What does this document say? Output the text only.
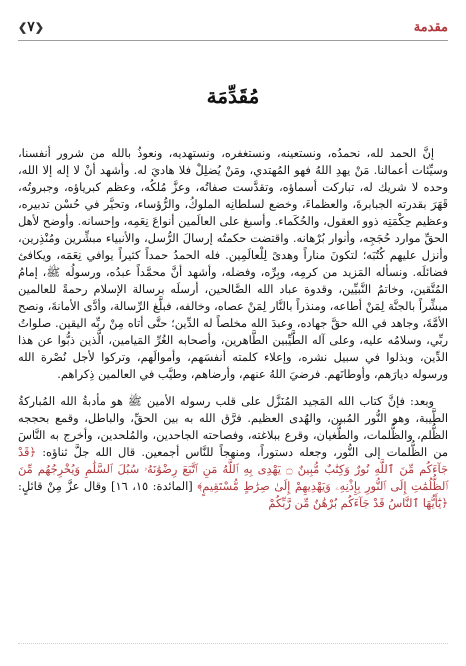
مقدمة
❮۷❯
مُقَدِّمَة

إنَّ الحمد لله، نحمدُه، ونستعينه، ونستغفره، ونستهديه، ونعوذُ بالله من شرور أنفسنا، وسيِّئات أعمالنا. مَنْ يهدِ اللهُ فهو المُهتدي، ومَنْ يُضلِلْ فلا هاديَ له. وأشهد أنْ لا إله إلا الله، وحده لا شريك له، تباركت أسماؤه، وتقدَّست صفاتُه، وعزَّ مُلكُه، وعظم كبرياؤه، وجبروتُه، قَهَرَ بقدرته الجبابرةَ، والعظماءَ، وخضع لسلطانِه الملوكُ، والرُّؤساء، وتحيَّر في حُسْن تدبيره، وعظيم حِكْمَتِه ذوو العقول، والحُكَماء. وأسبغ على العالَمين أنواعَ نِعَمِه، وإحسانه. وأوضح لأهل الحقِّ موارد حُجَجِه، وأنوار بُرْهانه. واقتضت حكمتُه إرسالَ الرُّسل، والأنبياء مبشِّرين ومُنْذِرين، وأنزل عليهم كُتُبَه؛ لتكونَ مناراً وهدىً لِلْعالَمِين. فله الحمدُ حمداً كثيراً يوافي نِعَمَه، ويكافئ فضائلَه. ونسأله المَزيد من كرمِه، وبِرِّه، وفضله، وأشهد أنَّ محمَّداً عبدُه، ورسولُه ﷺ، إمامُ المُتَّقين، وخاتمُ النَّبيِّين، وقدوة عباد الله الصَّالحين، أرسلَه برسالة الإسلام رحمةً للعالمين مبشِّراً بالجنَّة لِمَنْ أطاعه، ومنذراً بالنَّار لِمَنْ عصاه، وخالفه، فبلَّغ الرِّسالة، وأدَّى الأمانةَ، ونصح الأمَّةَ، وجاهد في الله حقَّ جهاده، وعبدَ الله مخلصاً له الدِّين؛ حتَّى أتاه مِنْ ربِّه اليقين. صلواتُ ربِّي، وسلامُه عليه، وعلى آله الطَّيِّبين الطَّاهرين، وأصحابه الغُرِّ المَيامين، الَّذين ذبُّوا عن هذا الدِّين، وبذلوا في سبيل نشره، وإعلاء كلمته أنفسَهم، وأموالَهم، وتركوا لأجل نُصْرة الله ورسوله ديارَهم، وأوطانَهم. فرضيَ اللهُ عنهم، وأرضاهم، وطيَّب في العالمين ذِكراهم.

وبعد: فإنَّ كتاب الله المَجيد المُنَزَّل على قلب رسوله الأمين ﷺ هو مأدبةُ الله المُباركةُ الطَّيبة، وهو النُّور المُبين، والهُدى العظيم. فرَّق الله به بين الحقِّ، والباطل، وقمع بحججه الظُّلم، والظُّلمات، والطُّغيان، وقرع ببلاغته، وفصاحته الجاحدين، والمُلحدين، وأخرج به النَّاسَ من الظُّلمات إلى النُّور، وجعله دستوراً، ومنهجاً للنَّاس أجمعين. قال الله جلَّ ثناؤه: ﴿قَدْ جَآءَكُم مِّنَ ٱللَّهِ نُورٌ وَكِتَٰبٌ مُّبِينٌ ۝ يَهْدِى بِهِ ٱللَّهُ مَنِ ٱتَّبَعَ رِضْوَٰنَهُۥ سُبُلَ ٱلسَّلَٰمِ وَيُخْرِجُهُم مِّنَ ٱلظُّلُمَٰتِ إِلَى ٱلنُّورِ بِإِذْنِهِۦ وَيَهْدِيهِمْ إِلَىٰ صِرَٰطٍ مُّسْتَقِيمٍ﴾ [المائدة: ١٥، ١٦] وقال عزَّ مِنْ قائلٍ: ﴿يَٰٓأَيُّهَا ٱلنَّاسُ قَدْ جَآءَكُم بُرْهَٰنٌ مِّن رَّبِّكُمْ
